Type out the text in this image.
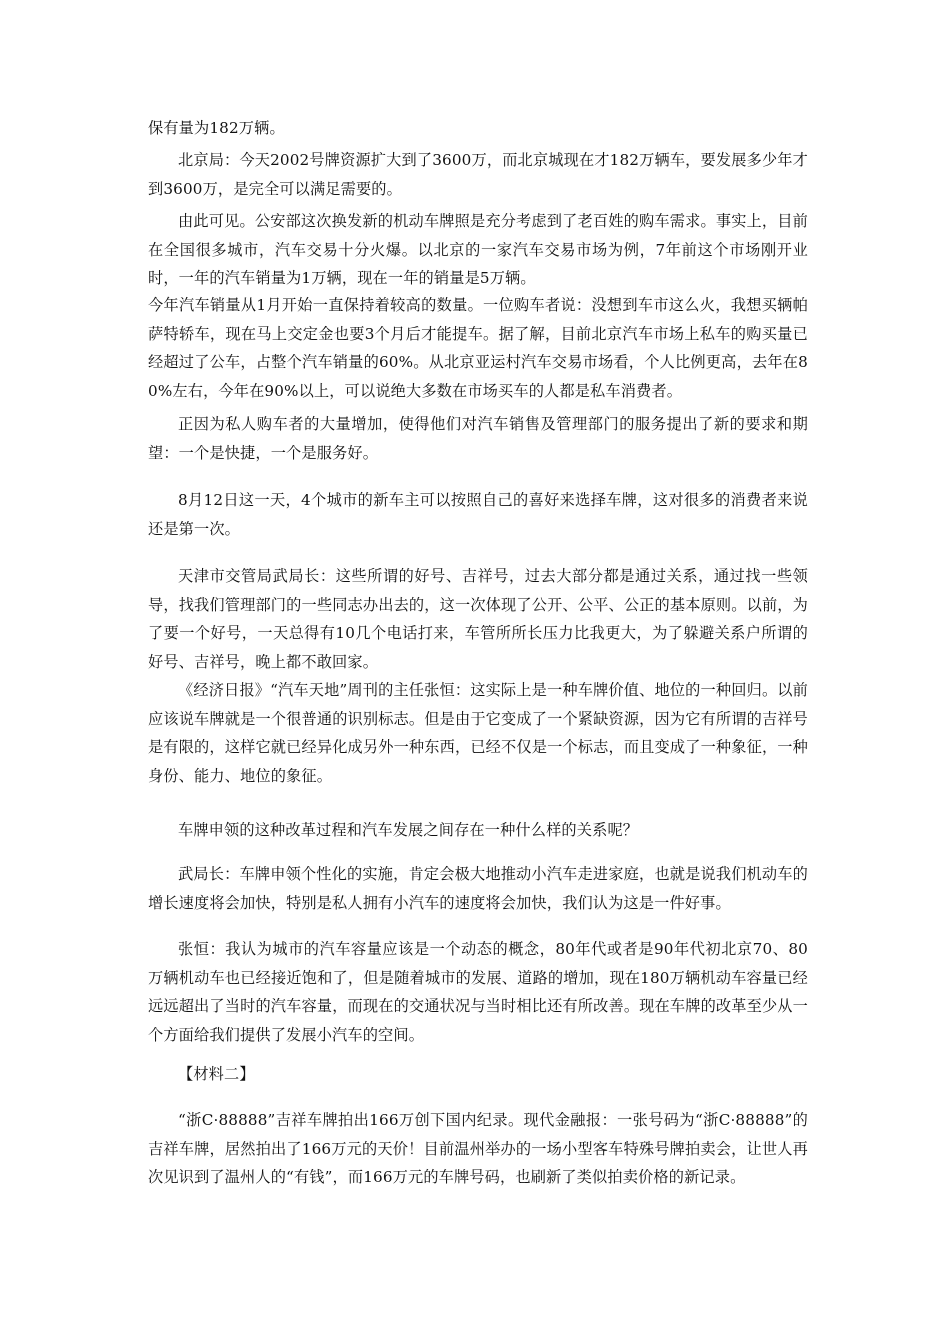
保有量为182万辆。

北京局：今天2002号牌资源扩大到了3600万，而北京城现在才182万辆车，要发展多少年才到3600万，是完全可以满足需要的。

由此可见。公安部这次换发新的机动车牌照是充分考虑到了老百姓的购车需求。事实上，目前在全国很多城市，汽车交易十分火爆。以北京的一家汽车交易市场为例，7年前这个市场刚开业时，一年的汽车销量为1万辆，现在一年的销量是5万辆。

今年汽车销量从1月开始一直保持着较高的数量。一位购车者说：没想到车市这么火，我想买辆帕萨特轿车，现在马上交定金也要3个月后才能提车。据了解，目前北京汽车市场上私车的购买量已经超过了公车，占整个汽车销量的60%。从北京亚运村汽车交易市场看，个人比例更高，去年在80%左右，今年在90%以上，可以说绝大多数在市场买车的人都是私车消费者。

正因为私人购车者的大量增加，使得他们对汽车销售及管理部门的服务提出了新的要求和期望：一个是快捷，一个是服务好。

8月12日这一天，4个城市的新车主可以按照自己的喜好来选择车牌，这对很多的消费者来说还是第一次。

天津市交管局武局长：这些所谓的好号、吉祥号，过去大部分都是通过关系，通过找一些领导，找我们管理部门的一些同志办出去的，这一次体现了公开、公平、公正的基本原则。以前，为了要一个好号，一天总得有10几个电话打来，车管所所长压力比我更大，为了躲避关系户所谓的好号、吉祥号，晚上都不敢回家。

《经济日报》“汽车天地”周刊的主任张恒：这实际上是一种车牌价值、地位的一种回归。以前应该说车牌就是一个很普通的识别标志。但是由于它变成了一个紧缺资源，因为它有所谓的吉祥号是有限的，这样它就已经异化成另外一种东西，已经不仅是一个标志，而且变成了一种象征，一种身份、能力、地位的象征。

车牌申领的这种改革过程和汽车发展之间存在一种什么样的关系呢？

武局长：车牌申领个性化的实施，肯定会极大地推动小汽车走进家庭，也就是说我们机动车的增长速度将会加快，特别是私人拥有小汽车的速度将会加快，我们认为这是一件好事。

张恒：我认为城市的汽车容量应该是一个动态的概念，80年代或者是90年代初北京70、80万辆机动车也已经接近饱和了，但是随着城市的发展、道路的增加，现在180万辆机动车容量已经远远超出了当时的汽车容量，而现在的交通状况与当时相比还有所改善。现在车牌的改革至少从一个方面给我们提供了发展小汽车的空间。

【材料二】

“浙C·88888”吉祥车牌拍出166万创下国内纪录。现代金融报：一张号码为“浙C·88888”的吉祥车牌，居然拍出了166万元的天价！目前温州举办的一场小型客车特殊号牌拍卖会，让世人再次见识到了温州人的“有钱”，而166万元的车牌号码，也刷新了类似拍卖价格的新记录。
